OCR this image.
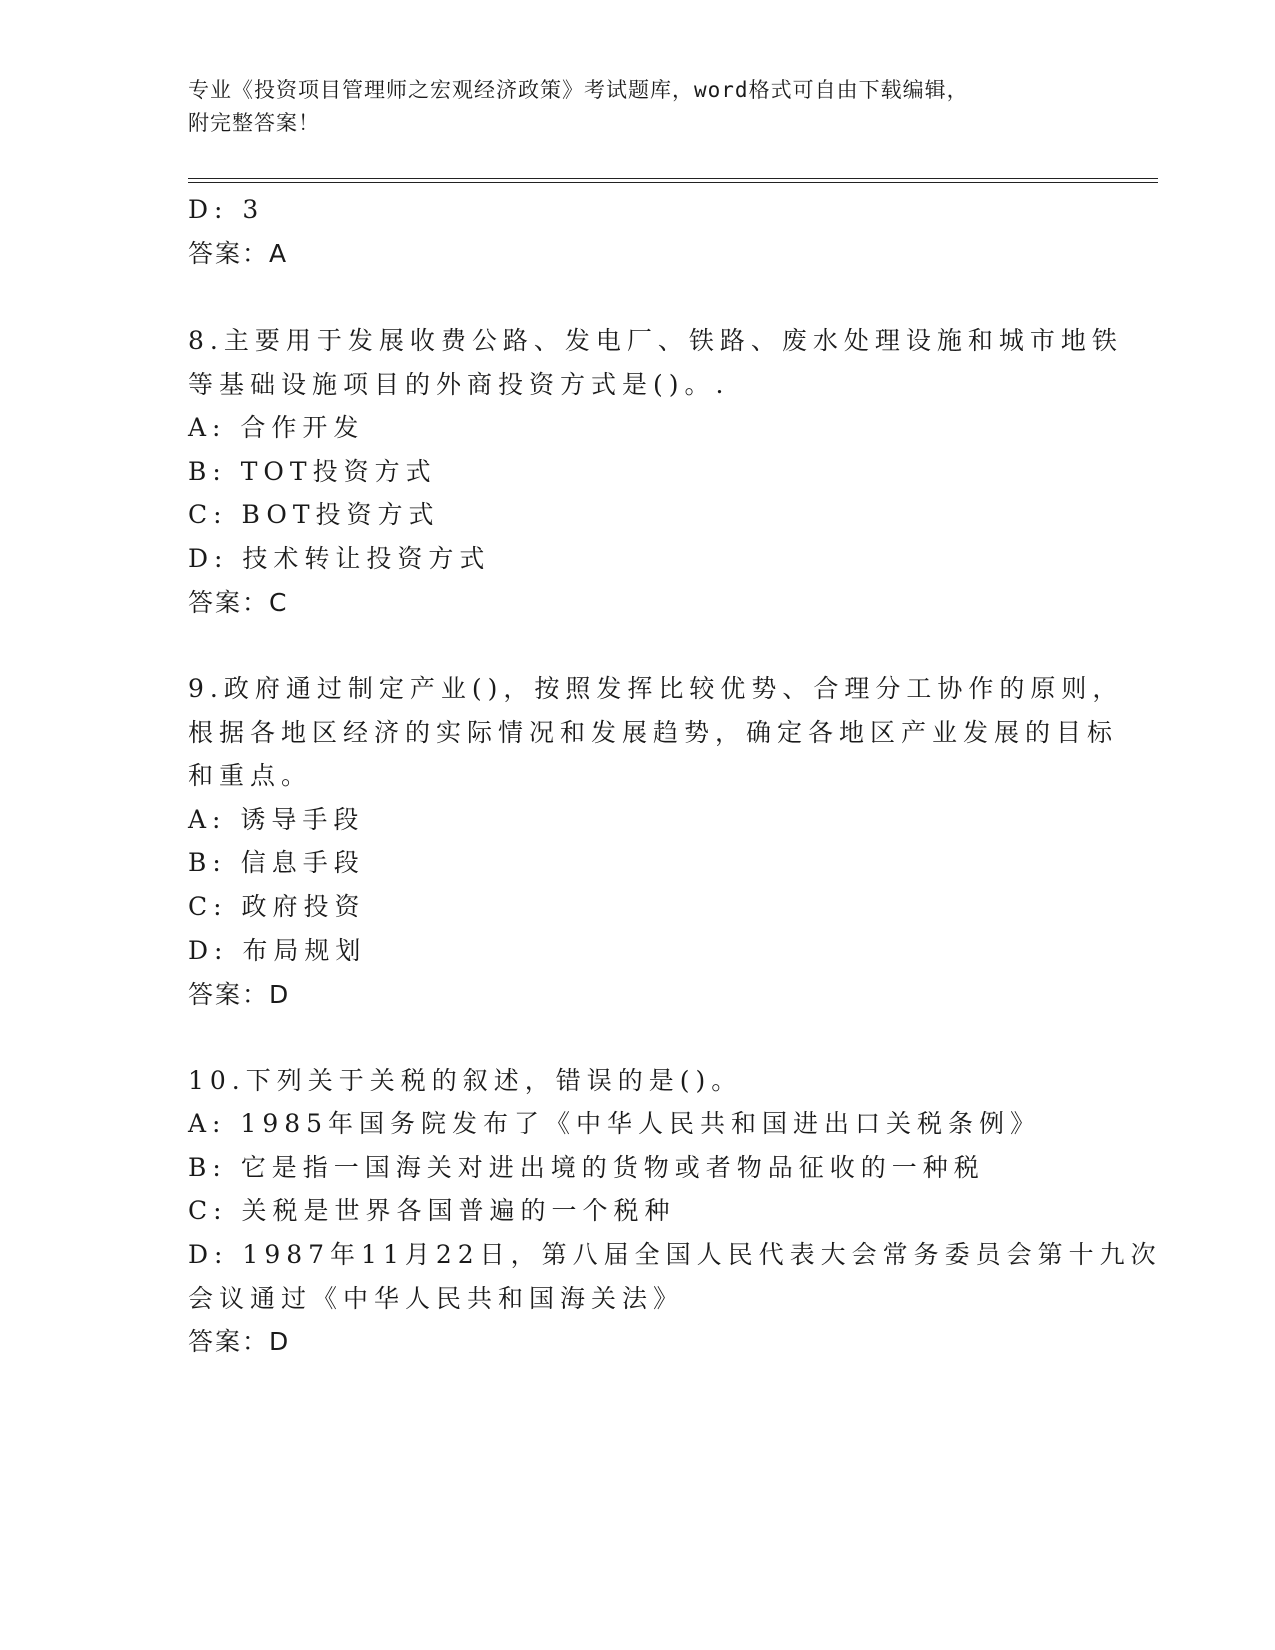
专业《投资项目管理师之宏观经济政策》考试题库，word格式可自由下载编辑，
附完整答案！
D: 3
答案：A
8.主要用于发展收费公路、发电厂、铁路、废水处理设施和城市地铁
等基础设施项目的外商投资方式是()。.
A: 合作开发
B: TOT投资方式
C: BOT投资方式
D: 技术转让投资方式
答案：C
9.政府通过制定产业()，按照发挥比较优势、合理分工协作的原则，
根据各地区经济的实际情况和发展趋势，确定各地区产业发展的目标
和重点。
A: 诱导手段
B: 信息手段
C: 政府投资
D: 布局规划
答案：D
10.下列关于关税的叙述，错误的是()。
A: 1985年国务院发布了《中华人民共和国进出口关税条例》
B: 它是指一国海关对进出境的货物或者物品征收的一种税
C: 关税是世界各国普遍的一个税种
D: 1987年11月22日，第八届全国人民代表大会常务委员会第十九次
会议通过《中华人民共和国海关法》
答案：D
